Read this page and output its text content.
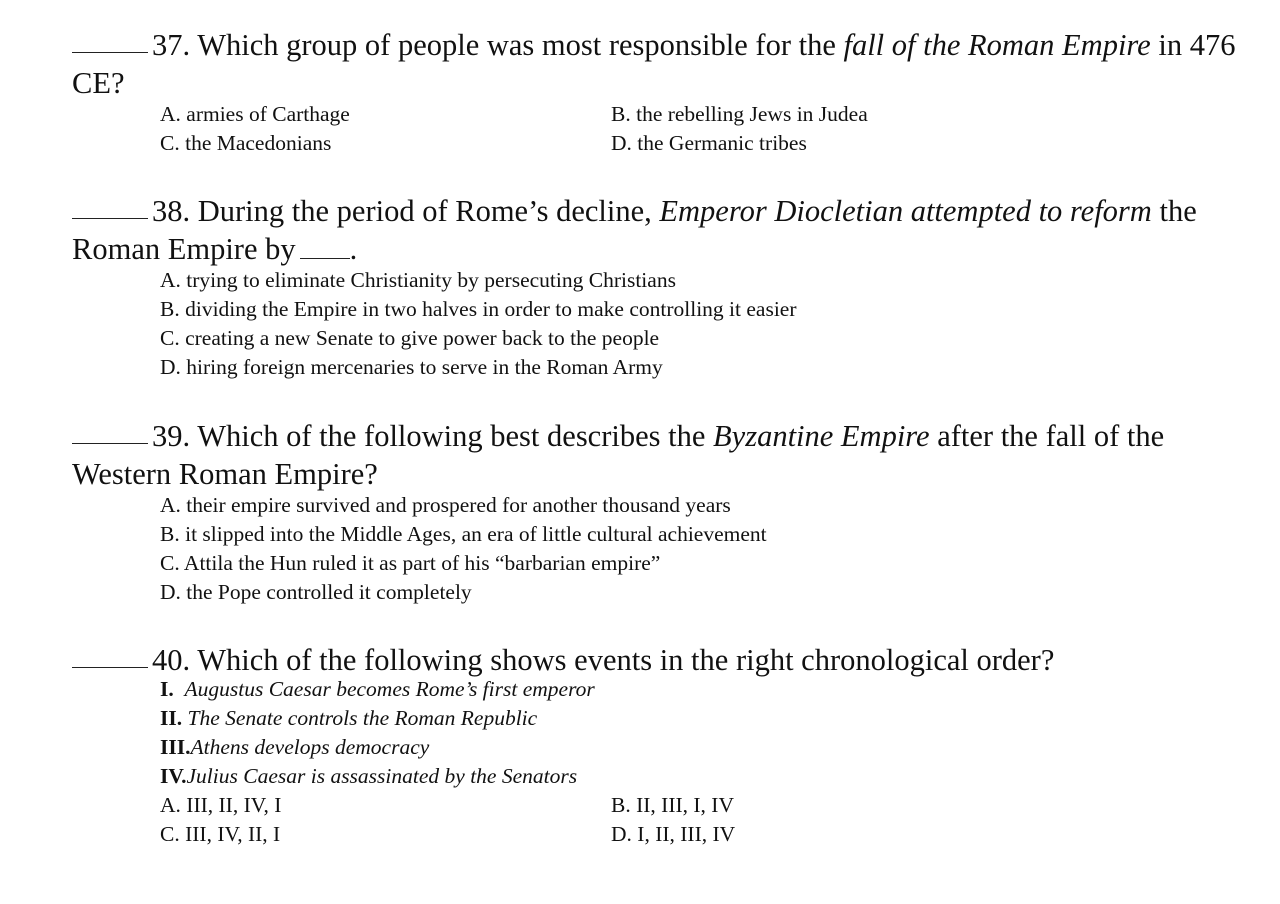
37. Which group of people was most responsible for the fall of the Roman Empire in 476 CE?

A. armies of Carthage	B. the rebelling Jews in Judea
C. the Macedonians	D. the Germanic tribes

38. During the period of Rome’s decline, Emperor Diocletian attempted to reform the Roman Empire by .

A. trying to eliminate Christianity by persecuting Christians
B. dividing the Empire in two halves in order to make controlling it easier
C. creating a new Senate to give power back to the people
D. hiring foreign mercenaries to serve in the Roman Army

39. Which of the following best describes the Byzantine Empire after the fall of the Western Roman Empire?

A. their empire survived and prospered for another thousand years
B. it slipped into the Middle Ages, an era of little cultural achievement
C. Attila the Hun ruled it as part of his “barbarian empire”
D. the Pope controlled it completely

40. Which of the following shows events in the right chronological order?

I. Augustus Caesar becomes Rome’s first emperor
II. The Senate controls the Roman Republic
III.Athens develops democracy
IV.Julius Caesar is assassinated by the Senators
A. III, II, IV, I	B. II, III, I, IV
C. III, IV, II, I	D. I, II, III, IV
